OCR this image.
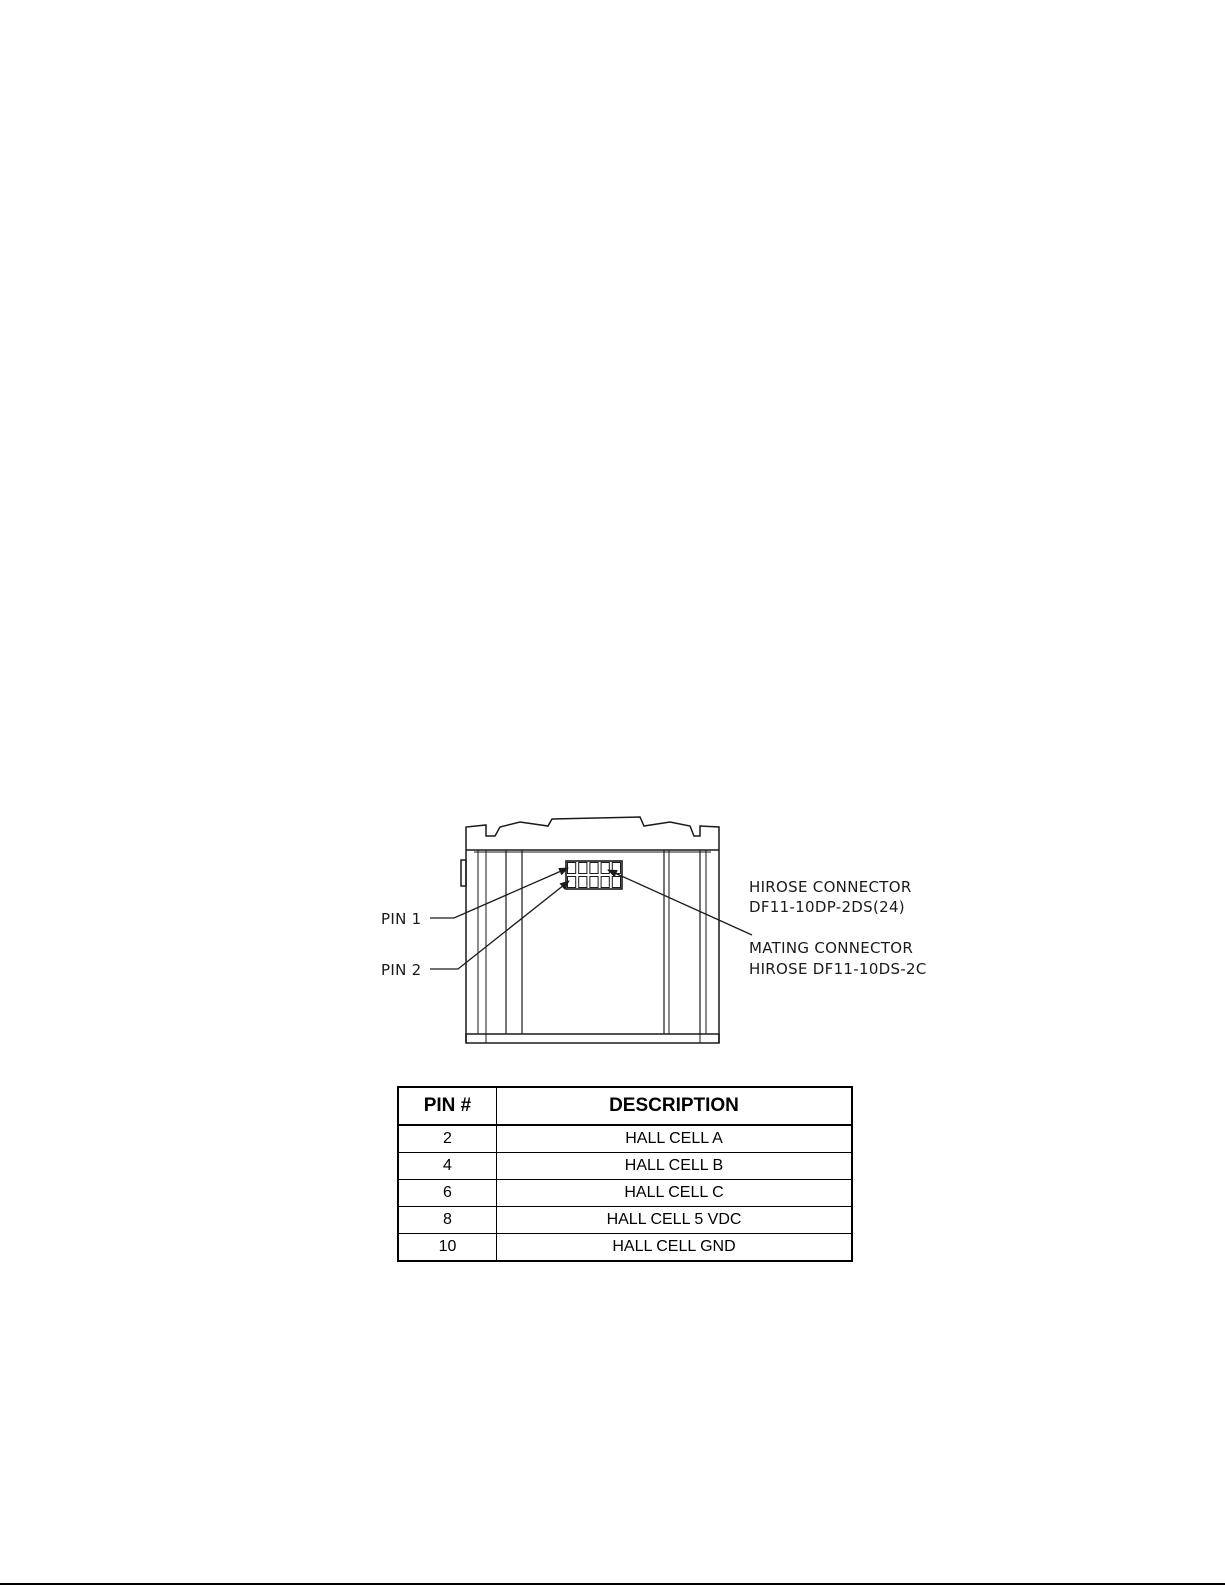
PIN 1
PIN 2
HIROSE CONNECTOR
DF11-10DP-2DS(24)
MATING CONNECTOR
HIROSE DF11-10DS-2C
PIN #	DESCRIPTION
2	HALL CELL A
4	HALL CELL B
6	HALL CELL C
8	HALL CELL 5 VDC
10	HALL CELL GND
